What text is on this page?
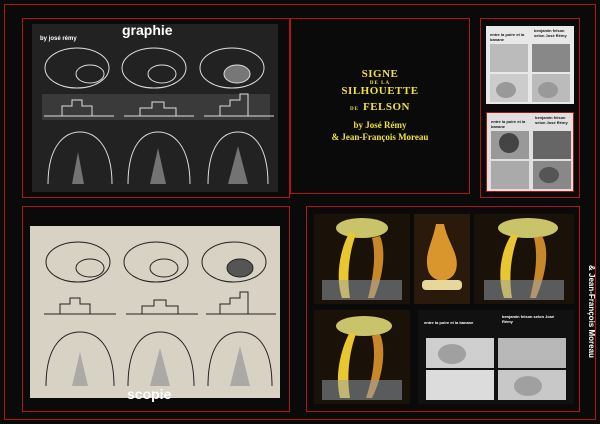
graphie
by josé rémy
scopie
SIGNE
DE LA
SILHOUETTE
DE FELSON
by José Rémy
& Jean-François Moreau
entre la poire et la banane
benjamin felson selon José Rémy
entre la poire et la banane
benjamin felson selon José Rémy
entre la poire et la banane
benjamin felson selon José Rémy	& Jean-François Moreau
